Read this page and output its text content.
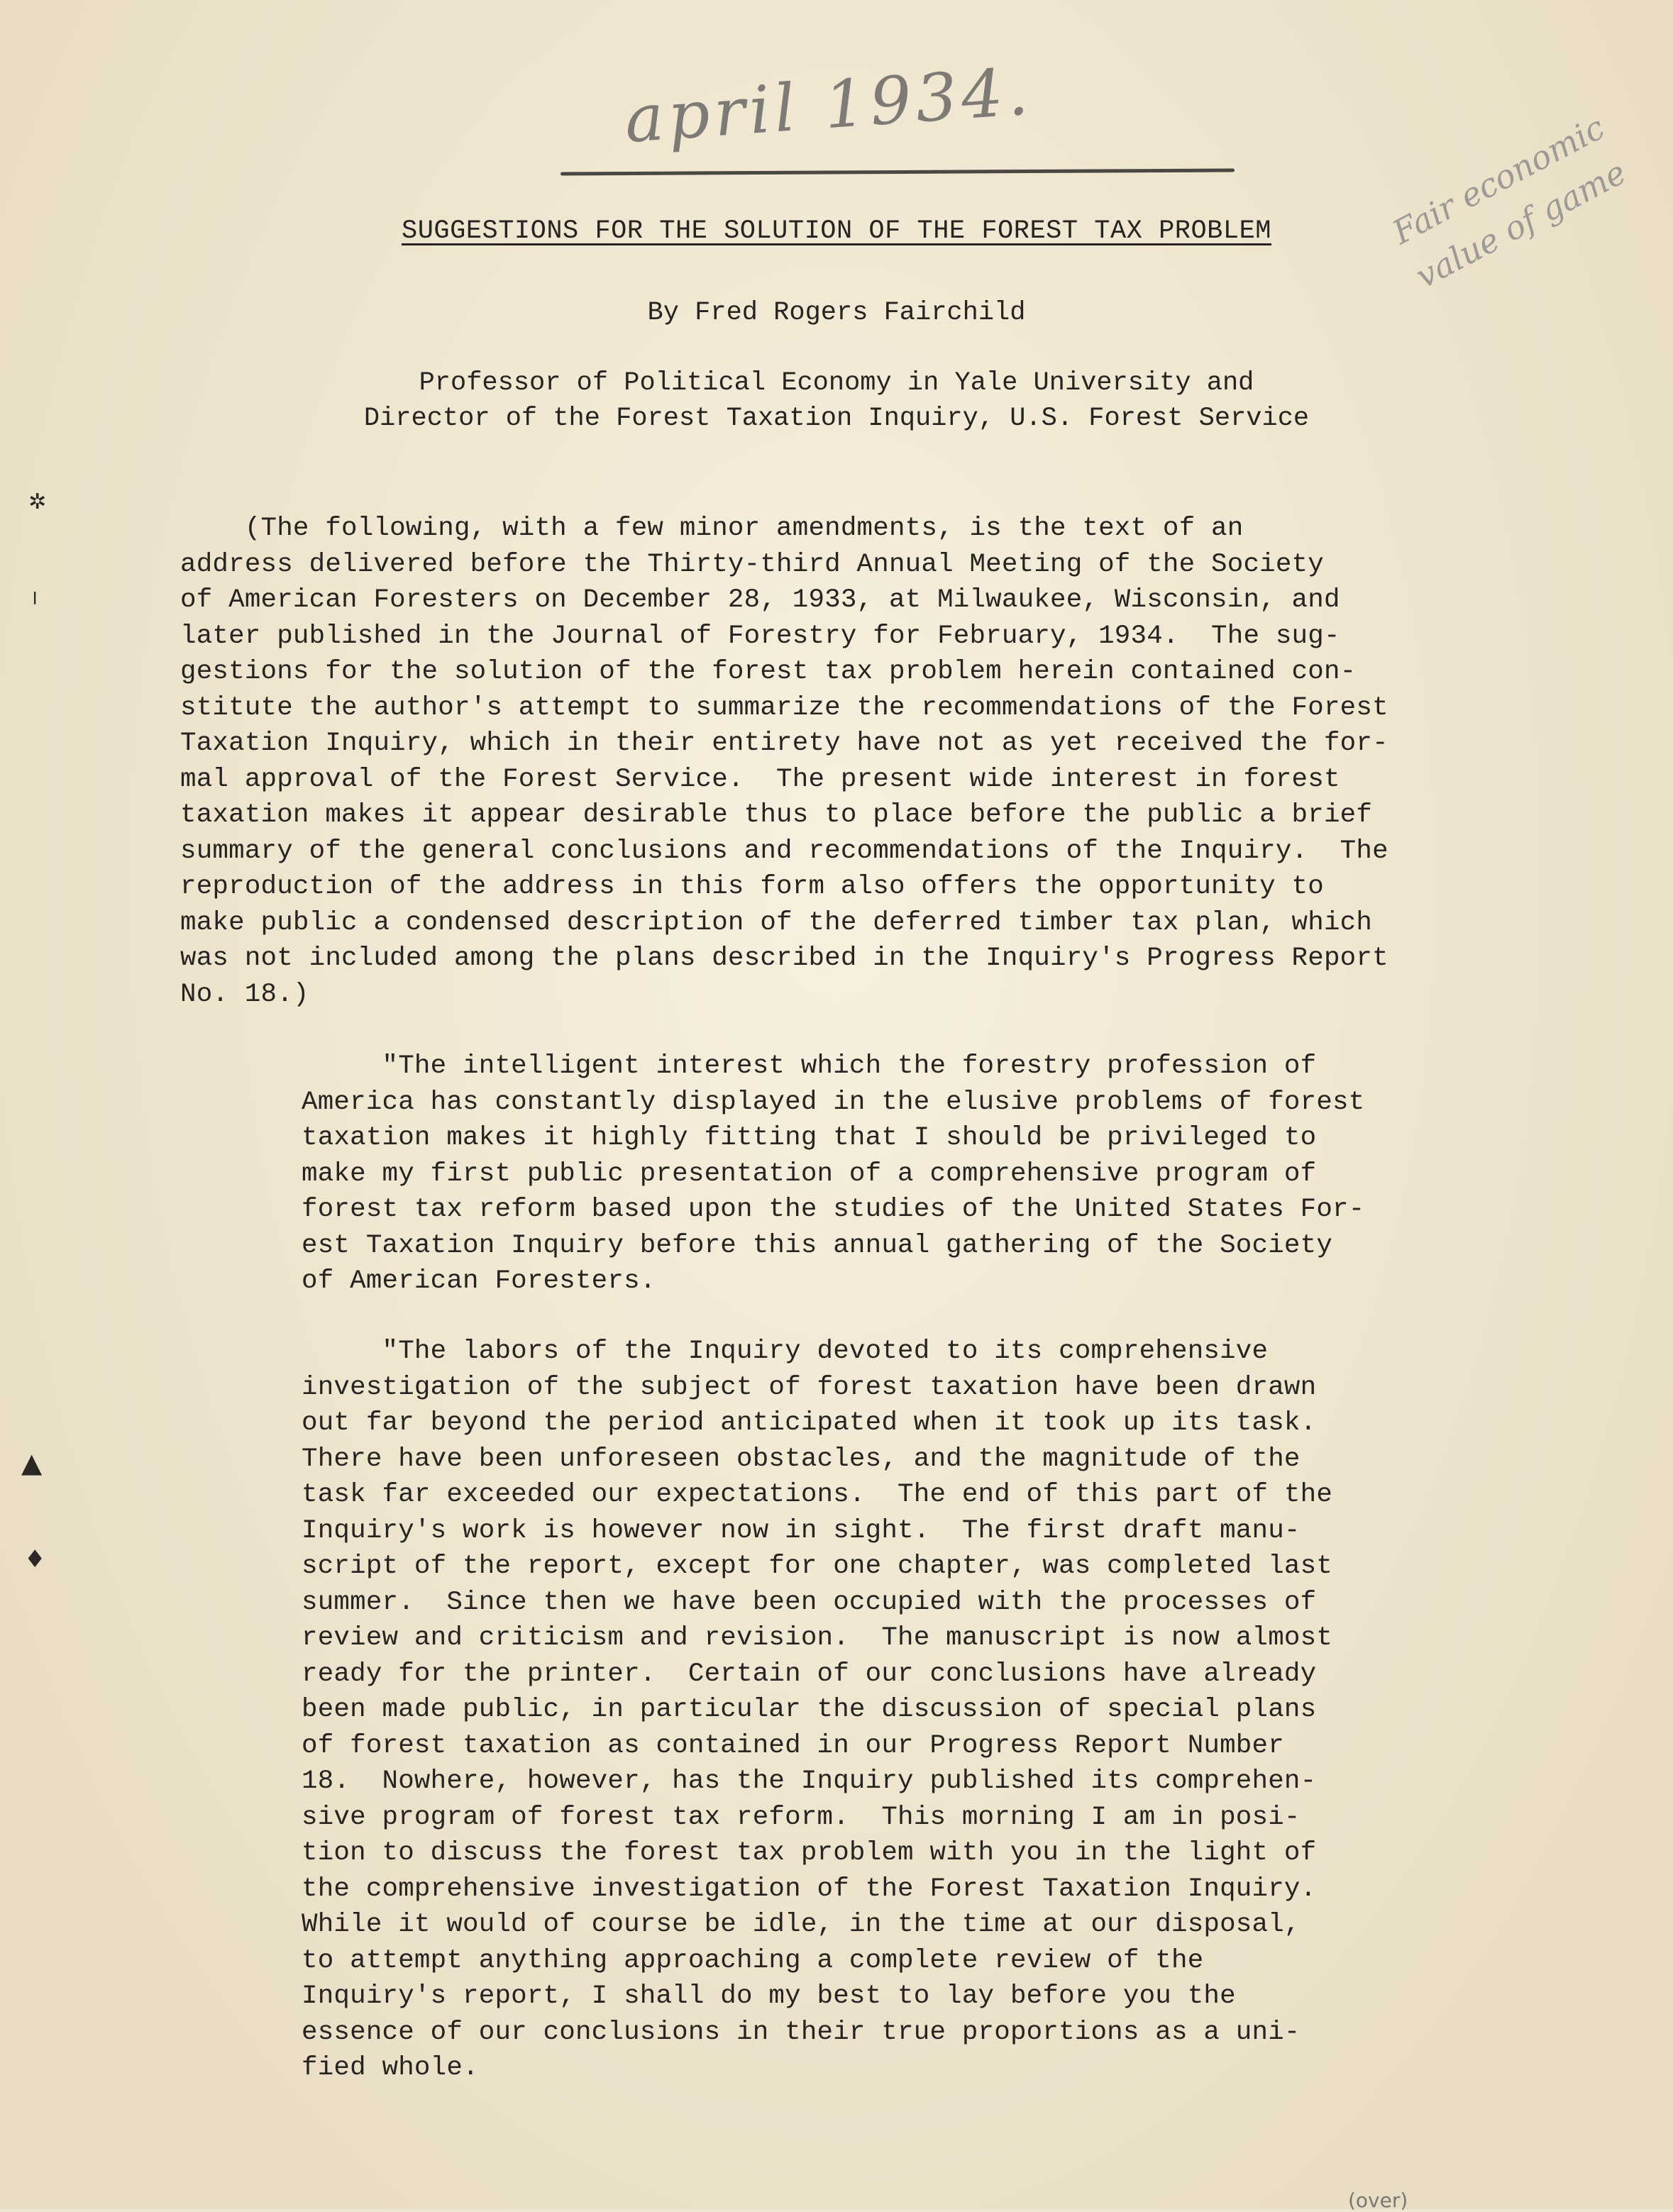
april 1934.
Fair economic value of game
SUGGESTIONS FOR THE SOLUTION OF THE FOREST TAX PROBLEM
By Fred Rogers Fairchild
Professor of Political Economy in Yale University and
Director of the Forest Taxation Inquiry, U.S. Forest Service
(The following, with a few minor amendments, is the text of an
address delivered before the Thirty-third Annual Meeting of the Society
of American Foresters on December 28, 1933, at Milwaukee, Wisconsin, and
later published in the Journal of Forestry for February, 1934.  The sug-
gestions for the solution of the forest tax problem herein contained con-
stitute the author's attempt to summarize the recommendations of the Forest
Taxation Inquiry, which in their entirety have not as yet received the for-
mal approval of the Forest Service.  The present wide interest in forest
taxation makes it appear desirable thus to place before the public a brief
summary of the general conclusions and recommendations of the Inquiry.  The
reproduction of the address in this form also offers the opportunity to
make public a condensed description of the deferred timber tax plan, which
was not included among the plans described in the Inquiry's Progress Report
No. 18.)
"The intelligent interest which the forestry profession of
America has constantly displayed in the elusive problems of forest
taxation makes it highly fitting that I should be privileged to
make my first public presentation of a comprehensive program of
forest tax reform based upon the studies of the United States For-
est Taxation Inquiry before this annual gathering of the Society
of American Foresters.
"The labors of the Inquiry devoted to its comprehensive
investigation of the subject of forest taxation have been drawn
out far beyond the period anticipated when it took up its task.
There have been unforeseen obstacles, and the magnitude of the
task far exceeded our expectations.  The end of this part of the
Inquiry's work is however now in sight.  The first draft manu-
script of the report, except for one chapter, was completed last
summer.  Since then we have been occupied with the processes of
review and criticism and revision.  The manuscript is now almost
ready for the printer.  Certain of our conclusions have already
been made public, in particular the discussion of special plans
of forest taxation as contained in our Progress Report Number
18.  Nowhere, however, has the Inquiry published its comprehen-
sive program of forest tax reform.  This morning I am in posi-
tion to discuss the forest tax problem with you in the light of
the comprehensive investigation of the Forest Taxation Inquiry.
While it would of course be idle, in the time at our disposal,
to attempt anything approaching a complete review of the
Inquiry's report, I shall do my best to lay before you the
essence of our conclusions in their true proportions as a uni-
fied whole.
✲
╵
▲
♦
(over)
